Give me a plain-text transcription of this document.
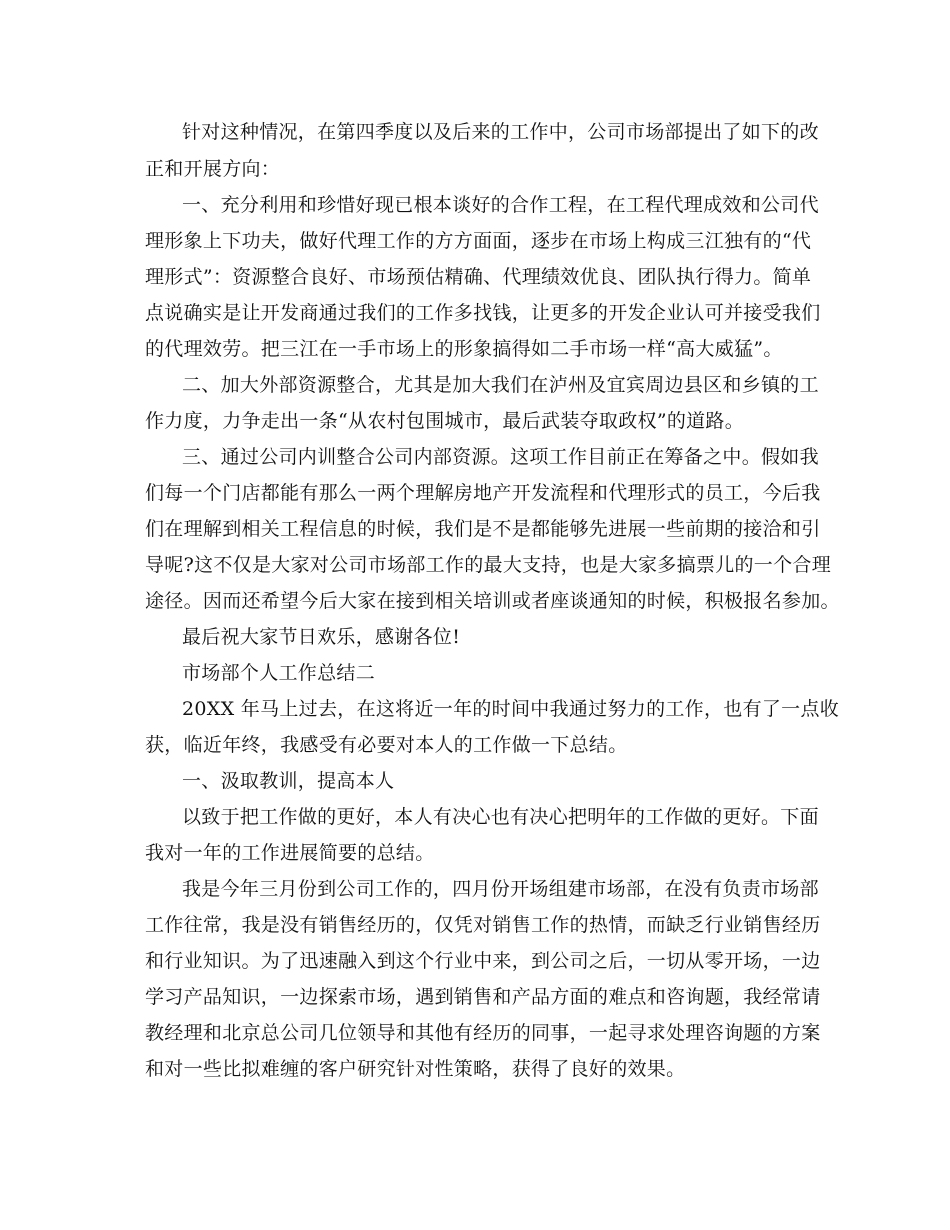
针对这种情况，在第四季度以及后来的工作中，公司市场部提出了如下的改
正和开展方向：
一、充分利用和珍惜好现已根本谈好的合作工程，在工程代理成效和公司代
理形象上下功夫，做好代理工作的方方面面，逐步在市场上构成三江独有的“代
理形式”：资源整合良好、市场预估精确、代理绩效优良、团队执行得力。简单
点说确实是让开发商通过我们的工作多找钱，让更多的开发企业认可并接受我们
的代理效劳。把三江在一手市场上的形象搞得如二手市场一样“高大威猛”。
二、加大外部资源整合，尤其是加大我们在泸州及宜宾周边县区和乡镇的工
作力度，力争走出一条“从农村包围城市，最后武装夺取政权”的道路。
三、通过公司内训整合公司内部资源。这项工作目前正在筹备之中。假如我
们每一个门店都能有那么一两个理解房地产开发流程和代理形式的员工，今后我
们在理解到相关工程信息的时候，我们是不是都能够先进展一些前期的接洽和引
导呢?这不仅是大家对公司市场部工作的最大支持，也是大家多搞票儿的一个合理
途径。因而还希望今后大家在接到相关培训或者座谈通知的时候，积极报名参加。
最后祝大家节日欢乐，感谢各位!
市场部个人工作总结二
20XX 年马上过去，在这将近一年的时间中我通过努力的工作，也有了一点收
获，临近年终，我感受有必要对本人的工作做一下总结。
一、汲取教训，提高本人
以致于把工作做的更好，本人有决心也有决心把明年的工作做的更好。下面
我对一年的工作进展简要的总结。
我是今年三月份到公司工作的，四月份开场组建市场部，在没有负责市场部
工作往常，我是没有销售经历的，仅凭对销售工作的热情，而缺乏行业销售经历
和行业知识。为了迅速融入到这个行业中来，到公司之后，一切从零开场，一边
学习产品知识，一边探索市场，遇到销售和产品方面的难点和咨询题，我经常请
教经理和北京总公司几位领导和其他有经历的同事，一起寻求处理咨询题的方案
和对一些比拟难缠的客户研究针对性策略，获得了良好的效果。
